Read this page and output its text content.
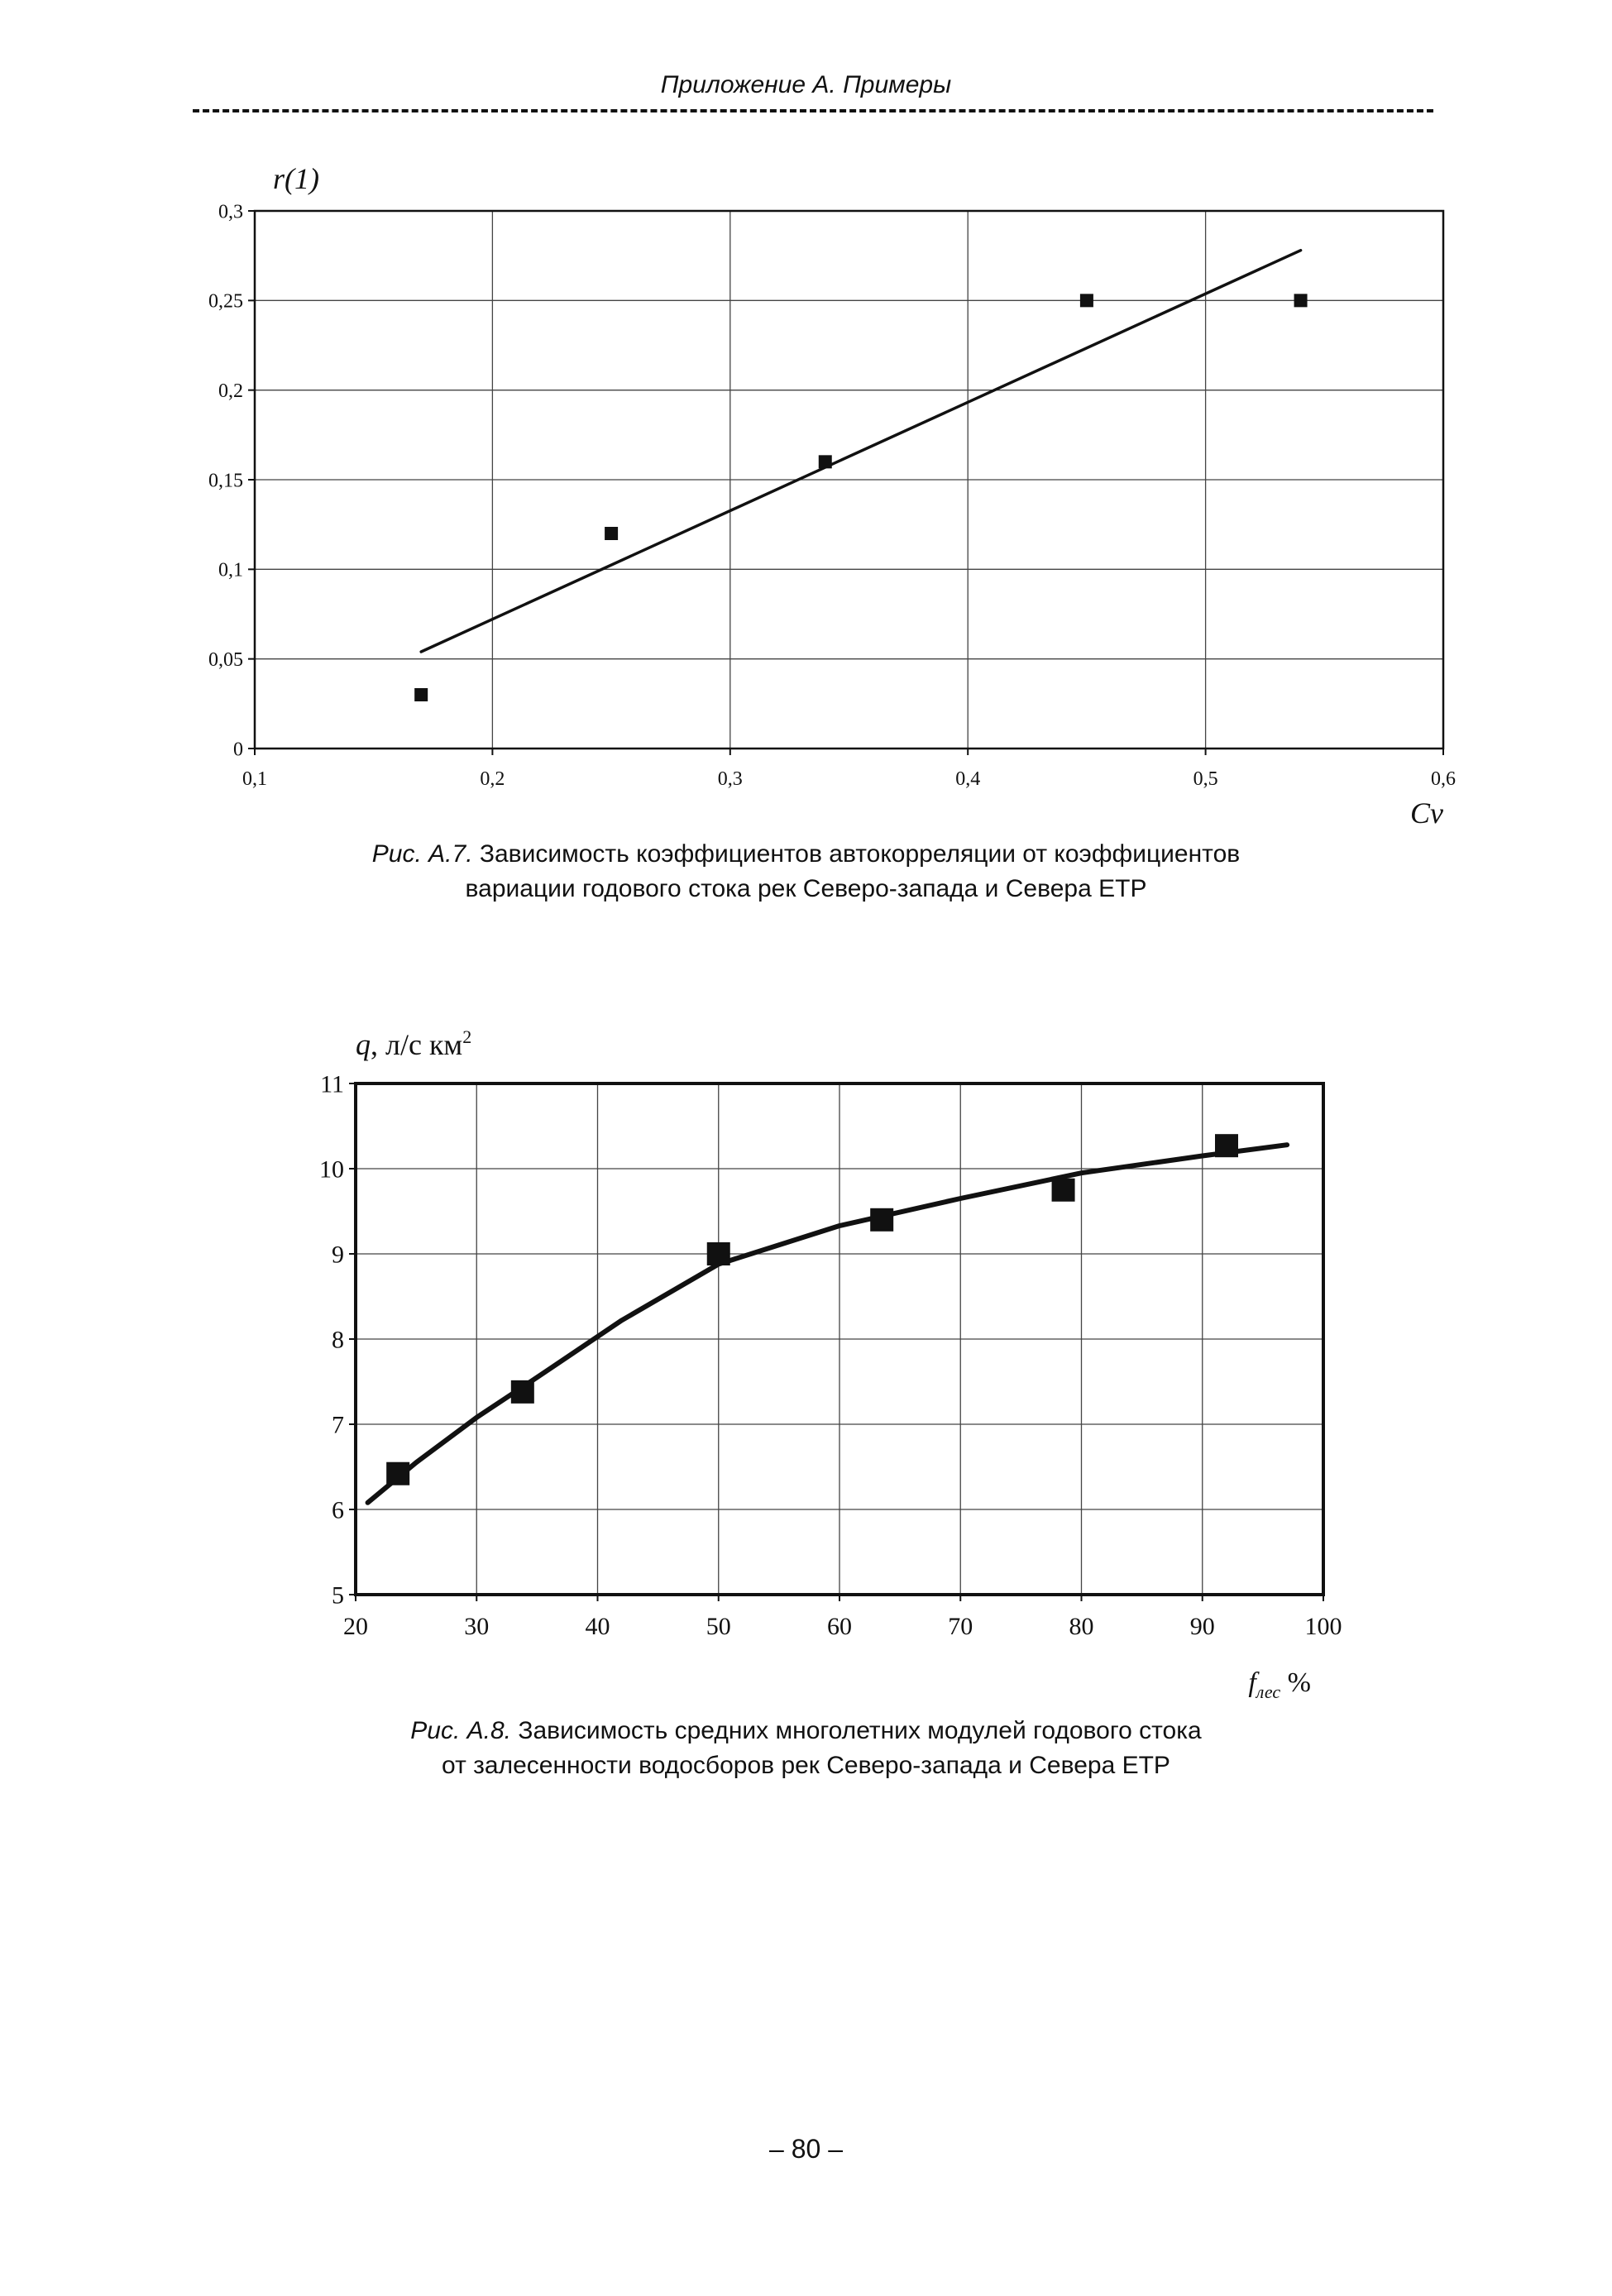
Приложение А. Примеры
r(1)
0
0,05
0,1
0,15
0,2
0,25
0,3
0,1	0,2	0,3	0,4	0,5	0,6
Cv
Рис. А.7. Зависимость коэффициентов автокорреляции от коэффициентов
вариации годового стока рек Северо-запада и Севера ЕТР
q, л/с $км^2$
5
6
7
8
9
10
11
20	30	40	50	60	70	80	90	100
$f_{лес}$ %
Рис. А.8. Зависимость средних многолетних модулей годового стока
от залесенности водосборов рек Северо-запада и Севера ЕТР
– 80 –
